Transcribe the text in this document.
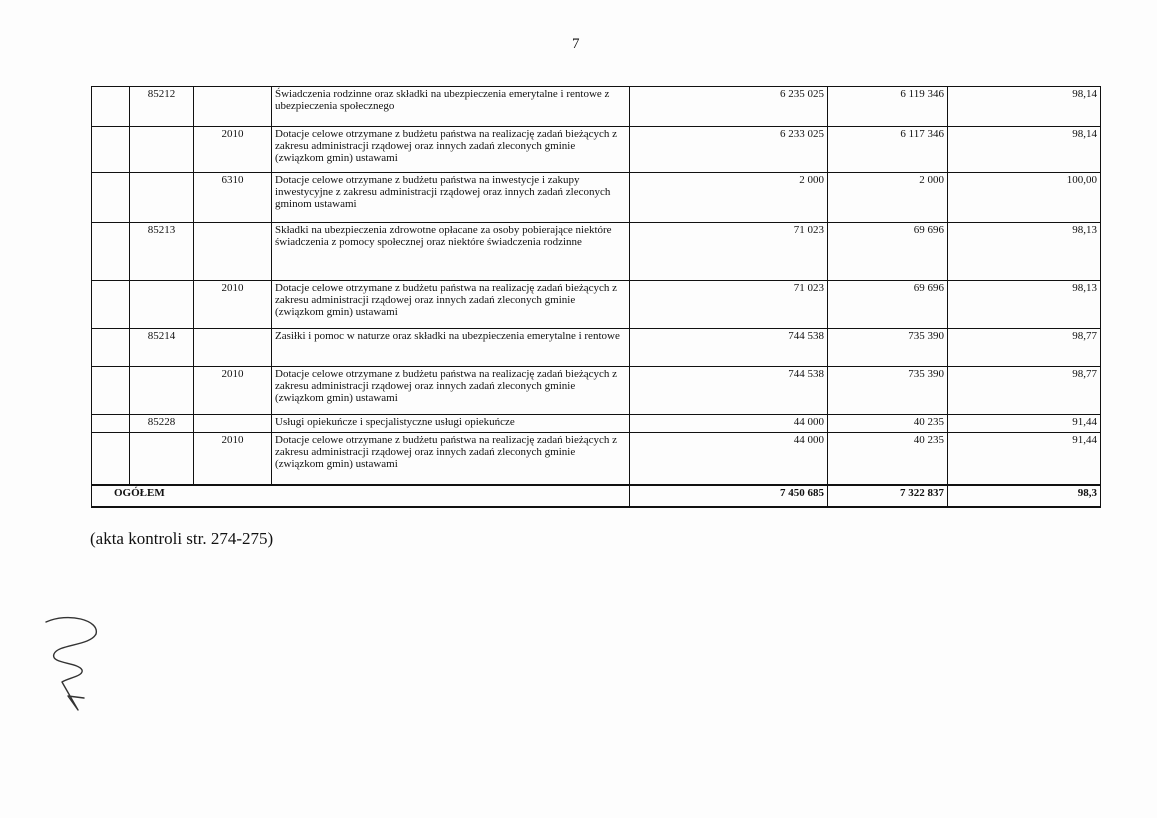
7
	85212		Świadczenia rodzinne oraz składki na ubezpieczenia emerytalne i rentowe z ubezpieczenia społecznego	6 235 025	6 119 346	98,14
		2010	Dotacje celowe otrzymane z budżetu państwa na realizację zadań bieżących z zakresu administracji rządowej oraz innych zadań zleconych gminie (związkom gmin) ustawami	6 233 025	6 117 346	98,14
		6310	Dotacje celowe otrzymane z budżetu państwa na inwestycje i zakupy inwestycyjne z zakresu administracji rządowej oraz innych zadań zleconych gminom ustawami	2 000	2 000	100,00
	85213		Składki na ubezpieczenia zdrowotne opłacane za osoby pobierające niektóre świadczenia z pomocy społecznej oraz niektóre świadczenia rodzinne	71 023	69 696	98,13
		2010	Dotacje celowe otrzymane z budżetu państwa na realizację zadań bieżących z zakresu administracji rządowej oraz innych zadań zleconych gminie (związkom gmin) ustawami	71 023	69 696	98,13
	85214		Zasiłki i pomoc w naturze oraz składki na ubezpieczenia emerytalne i rentowe	744 538	735 390	98,77
		2010	Dotacje celowe otrzymane z budżetu państwa na realizację zadań bieżących z zakresu administracji rządowej oraz innych zadań zleconych gminie (związkom gmin) ustawami	744 538	735 390	98,77
	85228		Usługi opiekuńcze i specjalistyczne usługi opiekuńcze	44 000	40 235	91,44
		2010	Dotacje celowe otrzymane z budżetu państwa na realizację zadań bieżących z zakresu administracji rządowej oraz innych zadań zleconych gminie (związkom gmin) ustawami	44 000	40 235	91,44
OGÓŁEM				7 450 685	7 322 837	98,3
(akta kontroli str. 274-275)
